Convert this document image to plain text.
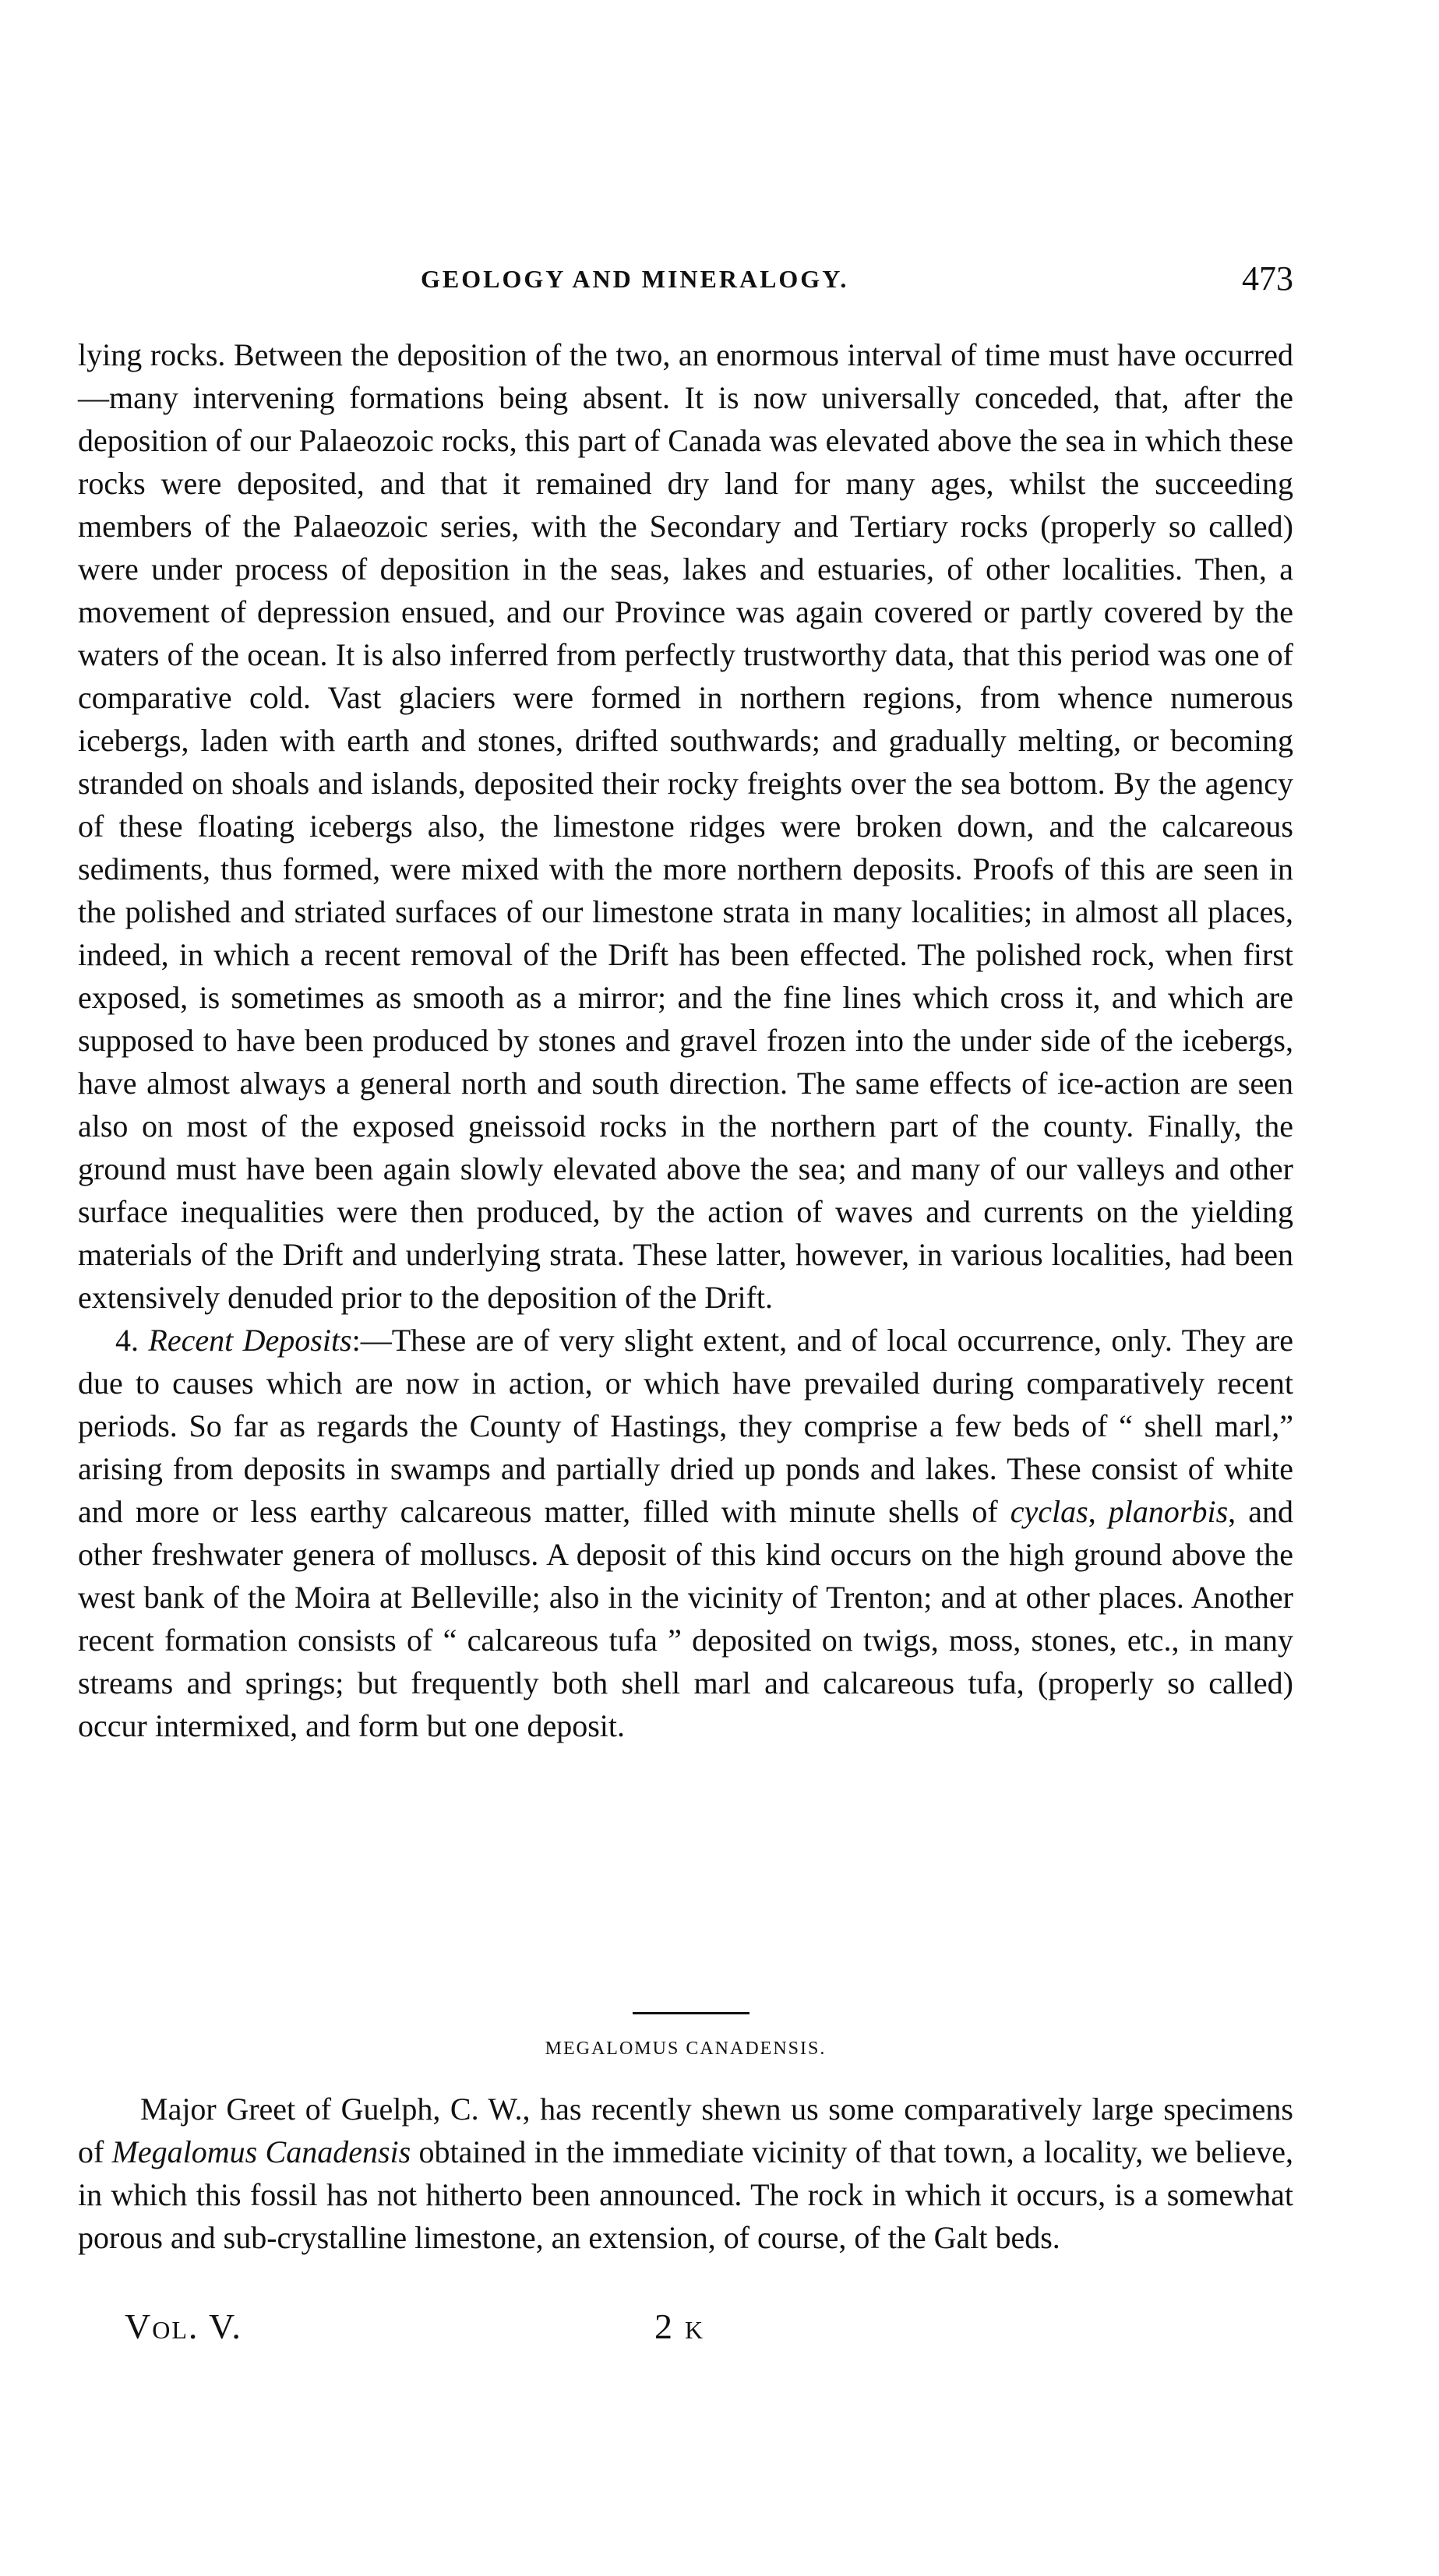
GEOLOGY AND MINERALOGY.	473

lying rocks. Between the deposition of the two, an enormous interval of time must have occurred—many intervening formations being absent. It is now universally conceded, that, after the deposition of our Palaeozoic rocks, this part of Canada was elevated above the sea in which these rocks were deposited, and that it remained dry land for many ages, whilst the succeeding members of the Palaeozoic series, with the Secondary and Tertiary rocks (properly so called) were under process of deposition in the seas, lakes and estuaries, of other localities. Then, a movement of depression ensued, and our Province was again covered or partly covered by the waters of the ocean. It is also inferred from perfectly trustworthy data, that this period was one of comparative cold. Vast glaciers were formed in northern regions, from whence numerous icebergs, laden with earth and stones, drifted southwards; and gradually melting, or becoming stranded on shoals and islands, deposited their rocky freights over the sea bottom. By the agency of these floating icebergs also, the limestone ridges were broken down, and the calcareous sediments, thus formed, were mixed with the more northern deposits. Proofs of this are seen in the polished and striated surfaces of our limestone strata in many localities; in almost all places, indeed, in which a recent removal of the Drift has been effected. The polished rock, when first exposed, is sometimes as smooth as a mirror; and the fine lines which cross it, and which are supposed to have been produced by stones and gravel frozen into the under side of the icebergs, have almost always a general north and south direction. The same effects of ice-action are seen also on most of the exposed gneissoid rocks in the northern part of the county. Finally, the ground must have been again slowly elevated above the sea; and many of our valleys and other surface inequalities were then produced, by the action of waves and currents on the yielding materials of the Drift and underlying strata. These latter, however, in various localities, had been extensively denuded prior to the deposition of the Drift.

4. Recent Deposits:—These are of very slight extent, and of local occurrence, only. They are due to causes which are now in action, or which have prevailed during comparatively recent periods. So far as regards the County of Hastings, they comprise a few beds of “ shell marl,” arising from deposits in swamps and partially dried up ponds and lakes. These consist of white and more or less earthy calcareous matter, filled with minute shells of cyclas, planorbis, and other freshwater genera of molluscs. A deposit of this kind occurs on the high ground above the west bank of the Moira at Belleville; also in the vicinity of Trenton; and at other places. Another recent formation consists of “ calcareous tufa ” deposited on twigs, moss, stones, etc., in many streams and springs; but frequently both shell marl and calcareous tufa, (properly so called) occur intermixed, and form but one deposit.

MEGALOMUS CANADENSIS.

Major Greet of Guelph, C. W., has recently shewn us some comparatively large specimens of Megalomus Canadensis obtained in the immediate vicinity of that town, a locality, we believe, in which this fossil has not hitherto been announced. The rock in which it occurs, is a somewhat porous and sub-crystalline limestone, an extension, of course, of the Galt beds.

Vol. V.	2 K
